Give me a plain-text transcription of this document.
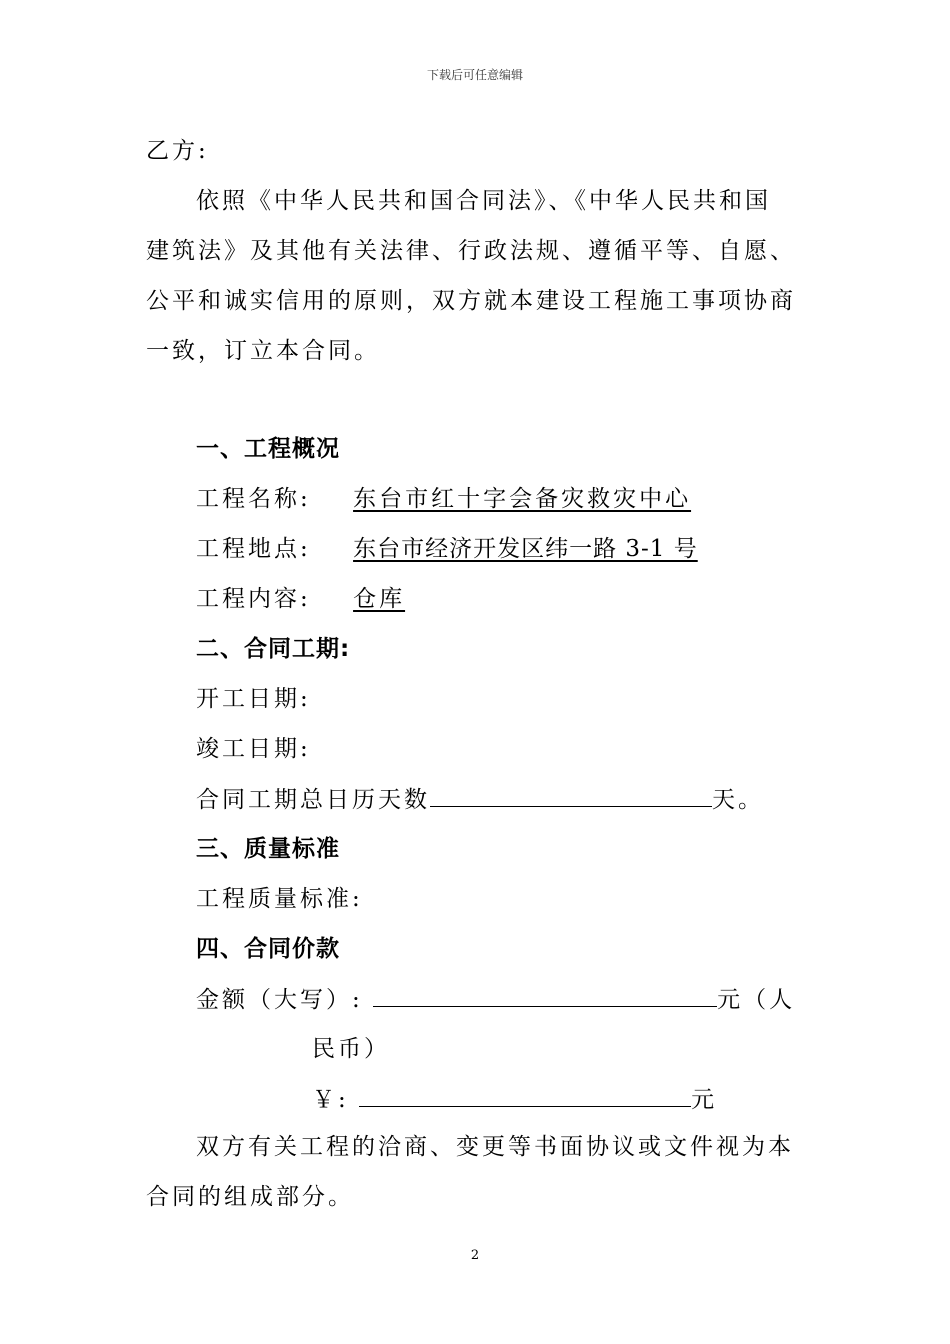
下载后可任意编辑
乙方:
依照《中华人民共和国合同法》、《中华人民共和国
建筑法》及其他有关法律、行政法规、遵循平等、自愿、
公平和诚实信用的原则，双方就本建设工程施工事项协商
一致，订立本合同。
一、工程概况
工程名称: 东台市红十字会备灾救灾中心
工程地点: 东台市经济开发区纬一路 3-1 号
工程内容: 仓库
二、合同工期:
开工日期:
竣工日期:
合同工期总日历天数	天。
三、质量标准
工程质量标准:
四、合同价款
金额（大写）:	元（人
民币）
￥:	元
双方有关工程的洽商、变更等书面协议或文件视为本
合同的组成部分。
2
